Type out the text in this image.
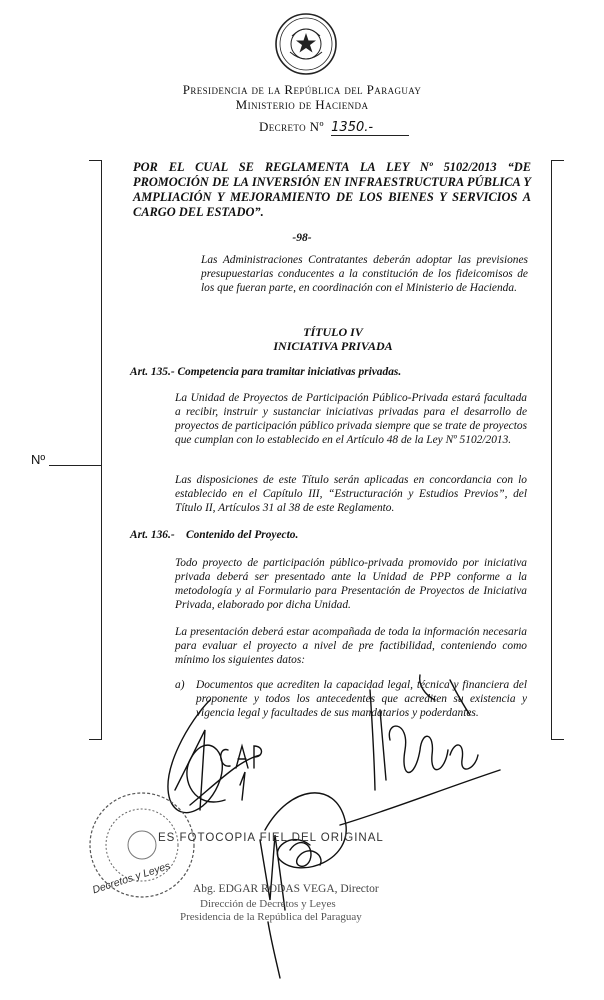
Presidencia de la República del Paraguay
Ministerio de Hacienda
Decreto Nº 1350.-
Nº
POR EL CUAL SE REGLAMENTA LA LEY Nº 5102/2013 “DE PROMOCIÓN DE LA INVERSIÓN EN INFRAESTRUCTURA PÚBLICA Y AMPLIACIÓN Y MEJORAMIENTO DE LOS BIENES Y SERVICIOS A CARGO DEL ESTADO”.
-98-
Las Administraciones Contratantes deberán adoptar las previsiones presupuestarias conducentes a la constitución de los fideicomisos de los que fueran parte, en coordinación con el Ministerio de Hacienda.
TÍTULO IV
INICIATIVA PRIVADA
Art. 135.- Competencia para tramitar iniciativas privadas.
La Unidad de Proyectos de Participación Público-Privada estará facultada a recibir, instruir y sustanciar iniciativas privadas para el desarrollo de proyectos de participación público privada siempre que se trate de proyectos que cumplan con lo establecido en el Artículo 48 de la Ley Nº 5102/2013.
Las disposiciones de este Título serán aplicadas en concordancia con lo establecido en el Capítulo III, “Estructuración y Estudios Previos”, del Título II, Artículos 31 al 38 de este Reglamento.
Art. 136.- Contenido del Proyecto.
Todo proyecto de participación público-privada promovido por iniciativa privada deberá ser presentado ante la Unidad de PPP conforme a la metodología y al Formulario para Presentación de Proyectos de Iniciativa Privada, elaborado por dicha Unidad.
La presentación deberá estar acompañada de toda la información necesaria para evaluar el proyecto a nivel de pre factibilidad, conteniendo como mínimo los siguientes datos:
a) Documentos que acrediten la capacidad legal, técnica y financiera del proponente y todos los antecedentes que acrediten su existencia y vigencia legal y facultades de sus mandatarios y poderdantes.
Decretos y Leyes
ES FOTOCOPIA FIEL DEL ORIGINAL
Abg. EDGAR RODAS VEGA, Director
Dirección de Decretos y Leyes
Presidencia de la República del Paraguay
